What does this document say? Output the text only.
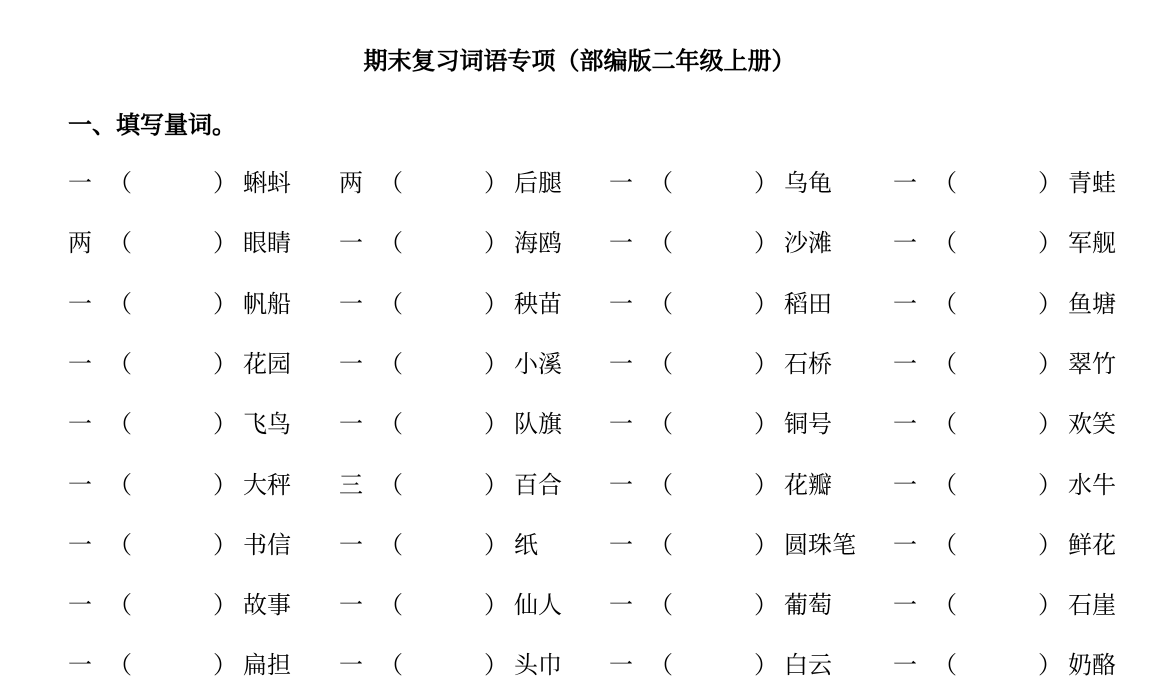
期末复习词语专项（部编版二年级上册）
一、填写量词。
一 （	） 蝌蚪 两 （	） 后腿 一 （	） 乌龟	一 （	） 青蛙
两 （	） 眼睛 一 （	） 海鸥 一 （	） 沙滩	一 （	） 军舰
一 （	） 帆船 一 （	） 秧苗 一 （	） 稻田	一 （	） 鱼塘
一 （	） 花园 一 （	） 小溪 一 （	） 石桥	一 （	） 翠竹
一 （	） 飞鸟 一 （	） 队旗 一 （	） 铜号	一 （	） 欢笑
一 （	） 大秤 三 （	） 百合 一 （	） 花瓣	一 （	） 水牛
一 （	） 书信 一 （	） 纸	一 （	） 圆珠笔 一 （	） 鲜花
一 （	） 故事 一 （	） 仙人 一 （	） 葡萄	一 （	） 石崖
一 （	） 扁担 一 （	） 头巾 一 （	） 白云	一 （	） 奶酪
